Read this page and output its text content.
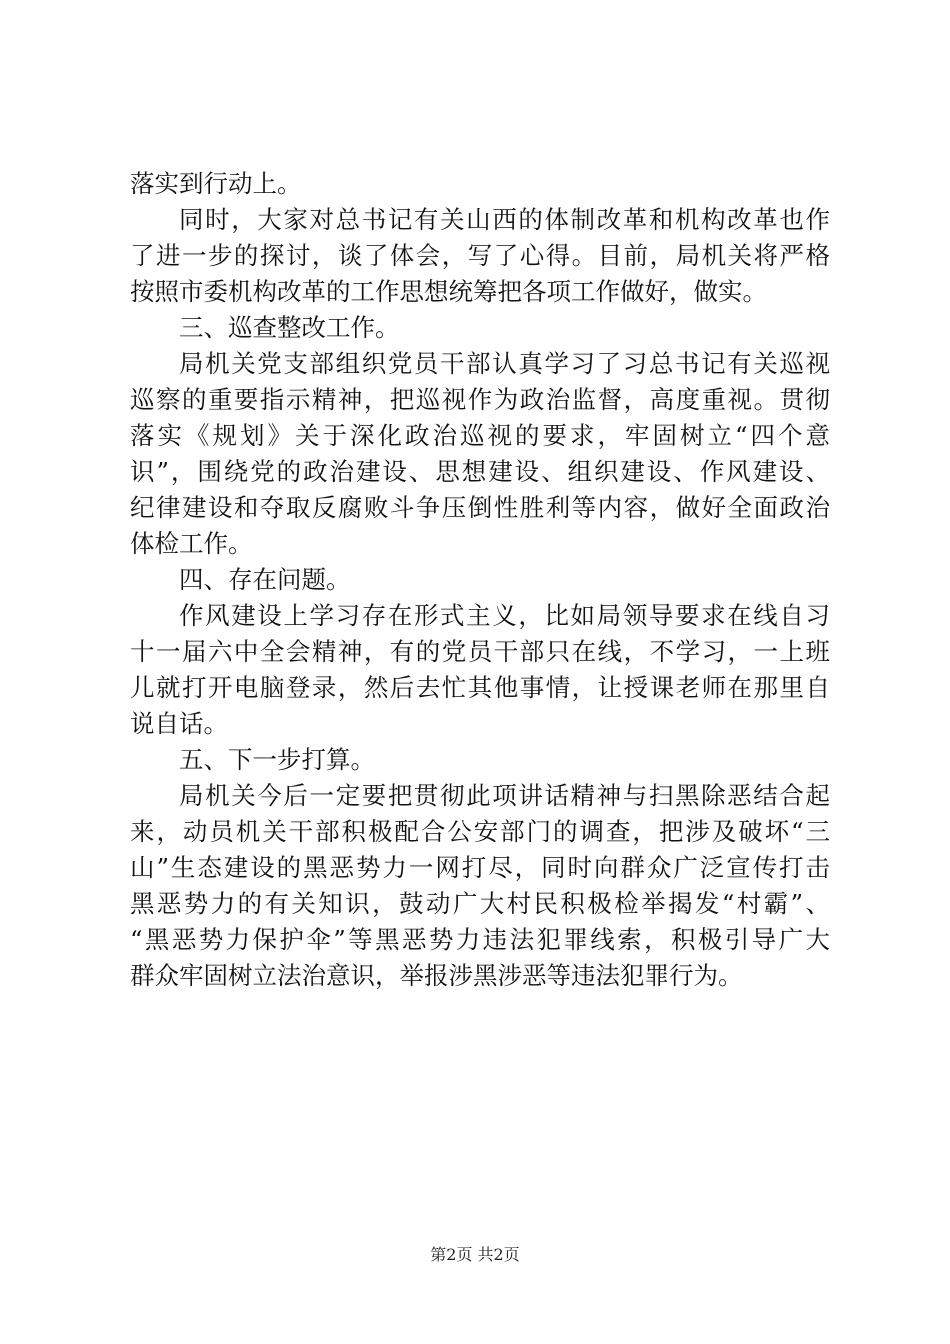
落实到行动上。
同时，大家对总书记有关山西的体制改革和机构改革也作
了进一步的探讨，谈了体会，写了心得。目前，局机关将严格
按照市委机构改革的工作思想统筹把各项工作做好，做实。
三、巡查整改工作。
局机关党支部组织党员干部认真学习了习总书记有关巡视
巡察的重要指示精神，把巡视作为政治监督，高度重视。贯彻
落实《规划》关于深化政治巡视的要求，牢固树立“四个意
识”，围绕党的政治建设、思想建设、组织建设、作风建设、
纪律建设和夺取反腐败斗争压倒性胜利等内容，做好全面政治
体检工作。
四、存在问题。
作风建设上学习存在形式主义，比如局领导要求在线自习
十一届六中全会精神，有的党员干部只在线，不学习，一上班
儿就打开电脑登录，然后去忙其他事情，让授课老师在那里自
说自话。
五、下一步打算。
局机关今后一定要把贯彻此项讲话精神与扫黑除恶结合起
来，动员机关干部积极配合公安部门的调查，把涉及破坏“三
山”生态建设的黑恶势力一网打尽，同时向群众广泛宣传打击
黑恶势力的有关知识，鼓动广大村民积极检举揭发“村霸”、
“黑恶势力保护伞”等黑恶势力违法犯罪线索，积极引导广大
群众牢固树立法治意识，举报涉黑涉恶等违法犯罪行为。
第2页 共2页
